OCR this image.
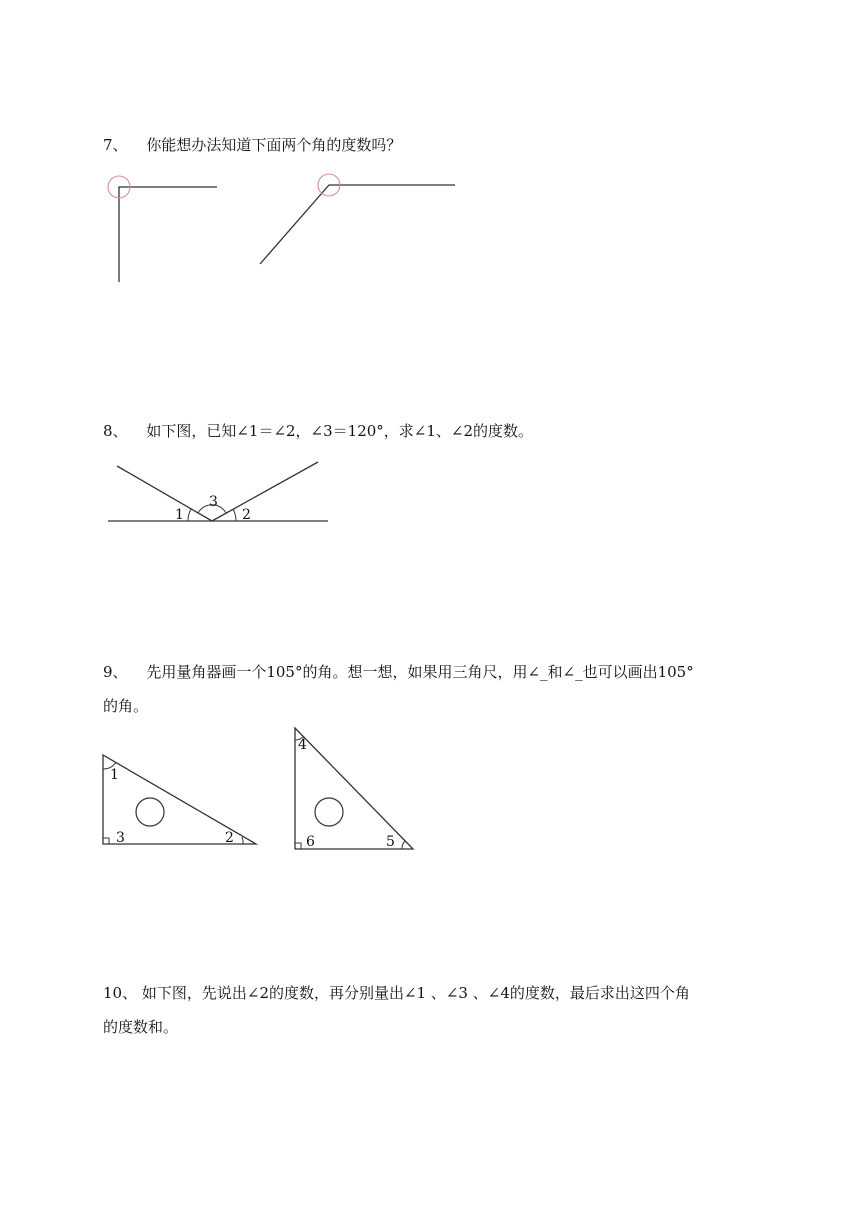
7、 你能想办法知道下面两个角的度数吗？
8、 如下图，已知∠1＝∠2，∠3＝120°，求∠1、∠2的度数。
1
3
2
9、 先用量角器画一个105°的角。想一想，如果用三角尺，用∠_和∠_也可以画出105°
的角。
1
2
3
4
5
6
10、 如下图，先说出∠2的度数，再分别量出∠1 、∠3 、∠4的度数，最后求出这四个角
的度数和。
